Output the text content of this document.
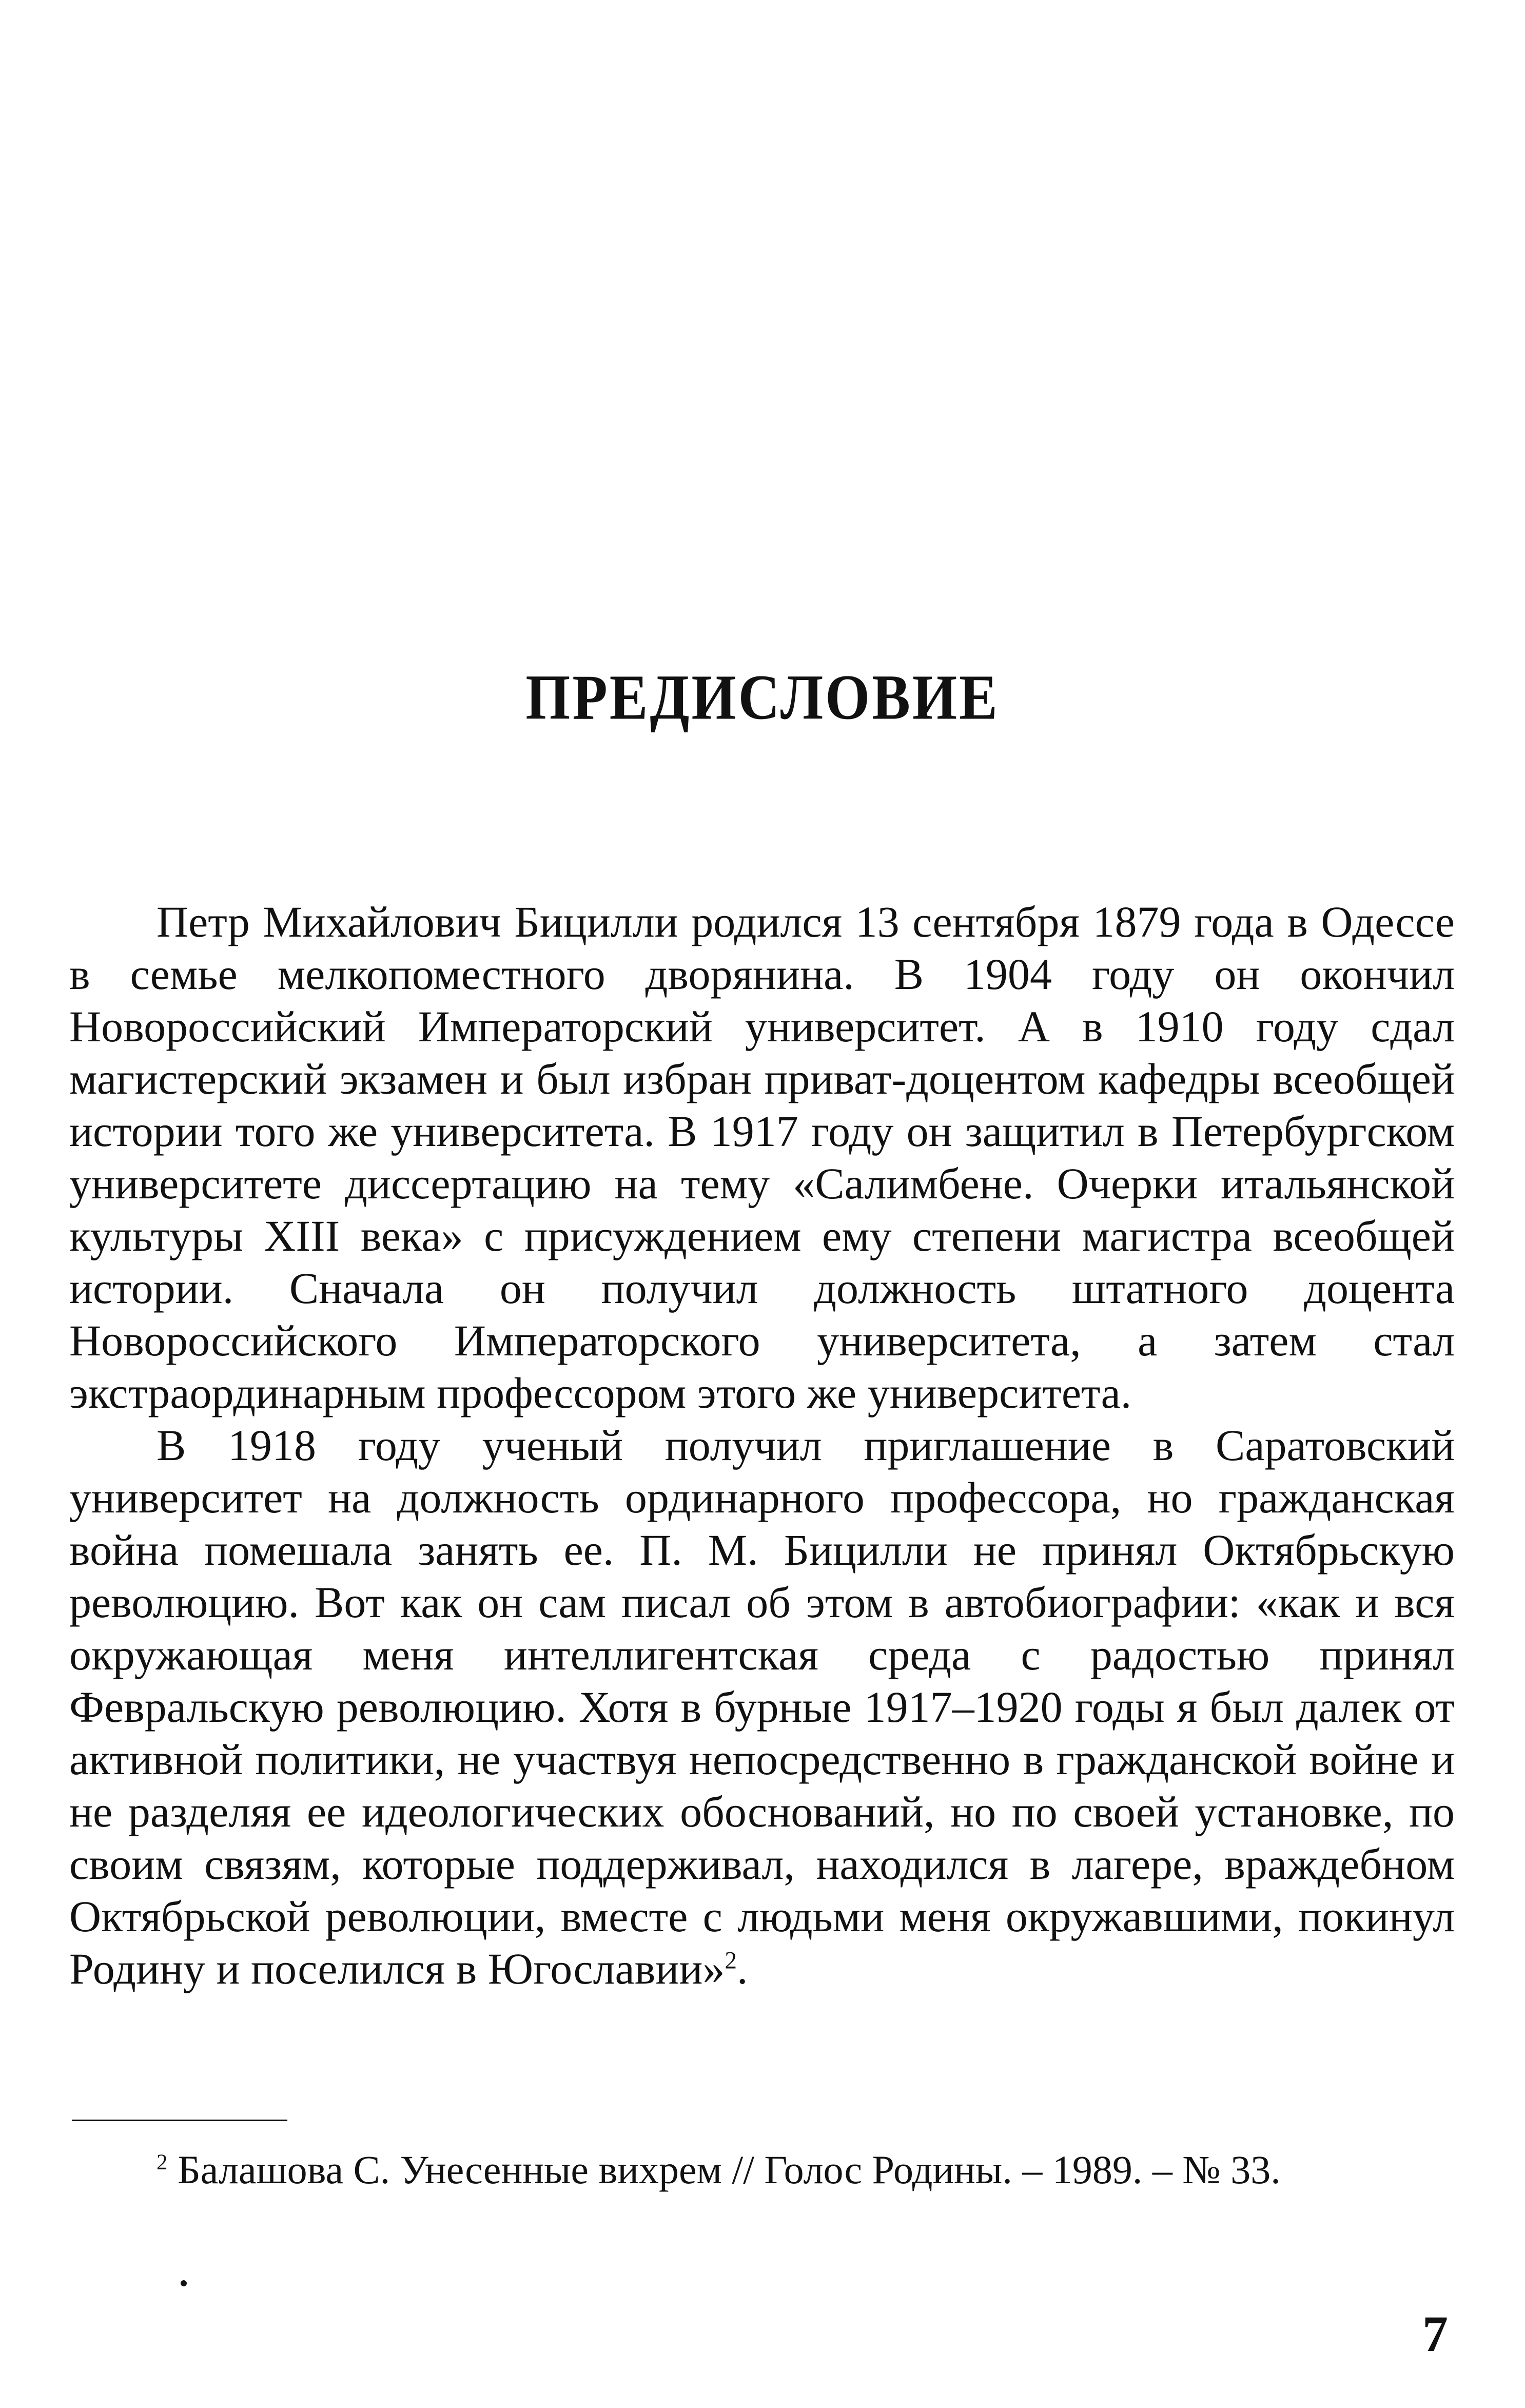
ПРЕДИСЛОВИЕ

Петр Михайлович Бицилли родился 13 сентября 1879 года в Одессе в семье мелкопоместного дворянина. В 1904 году он окончил Новороссийский Императорский университет. А в 1910 году сдал магистерский экзамен и был избран приват-доцентом кафедры всеобщей истории того же университета. В 1917 году он защитил в Петербургском университете диссертацию на тему «Салимбене. Очерки итальянской культуры XIII века» с присуждением ему степени магистра всеобщей истории. Сначала он получил должность штатного доцента Новороссийского Императорского университета, а затем стал экстраординарным профессором этого же университета.

В 1918 году ученый получил приглашение в Саратовский университет на должность ординарного профессора, но гражданская война помешала занять ее. П. М. Бицилли не принял Октябрьскую революцию. Вот как он сам писал об этом в автобиографии: «как и вся окружающая меня интеллигентская среда с радостью принял Февральскую революцию. Хотя в бурные 1917–1920 годы я был далек от активной политики, не участвуя непосредственно в гражданской войне и не разделяя ее идеологических обоснований, но по своей установке, по своим связям, которые поддерживал, находился в лагере, враждебном Октябрьской революции, вместе с людьми меня окружавшими, покинул Родину и поселился в Югославии»$^2$.

$^2$ Балашова С. Унесенные вихрем // Голос Родины. – 1989. – № 33.
7
